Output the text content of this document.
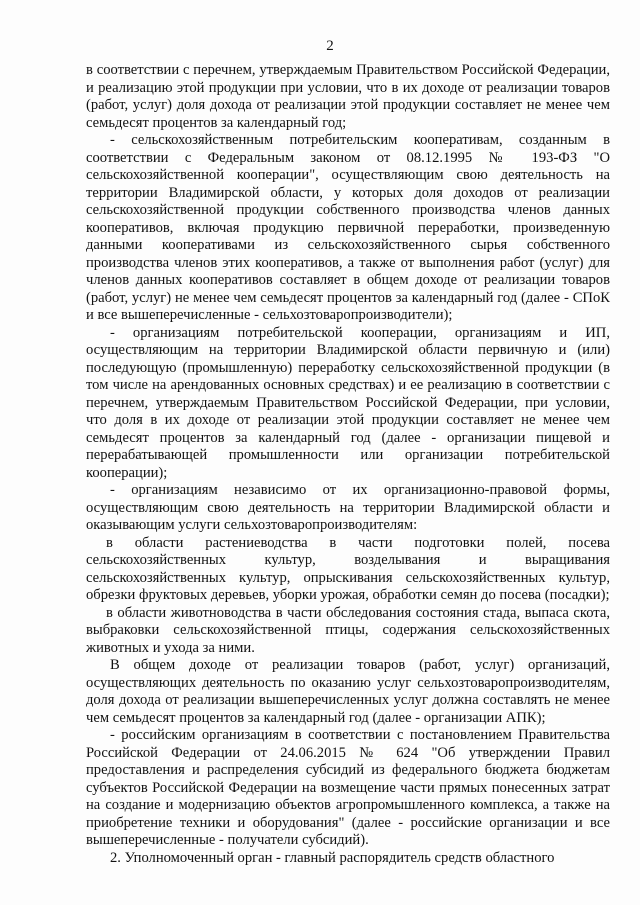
2

в соответствии с перечнем, утверждаемым Правительством Российской Федерации, и реализацию этой продукции при условии, что в их доходе от реализации товаров (работ, услуг) доля дохода от реализации этой продукции составляет не менее чем семьдесят процентов за календарный год;

- сельскохозяйственным потребительским кооперативам, созданным в соответствии с Федеральным законом от 08.12.1995 № 193-ФЗ "О сельскохозяйственной кооперации", осуществляющим свою деятельность на территории Владимирской области, у которых доля доходов от реализации сельскохозяйственной продукции собственного производства членов данных кооперативов, включая продукцию первичной переработки, произведенную данными кооперативами из сельскохозяйственного сырья собственного производства членов этих кооперативов, а также от выполнения работ (услуг) для членов данных кооперативов составляет в общем доходе от реализации товаров (работ, услуг) не менее чем семьдесят процентов за календарный год (далее - СПоК и все вышеперечисленные - сельхозтоваропроизводители);

- организациям потребительской кооперации, организациям и ИП, осуществляющим на территории Владимирской области первичную и (или) последующую (промышленную) переработку сельскохозяйственной продукции (в том числе на арендованных основных средствах) и ее реализацию в соответствии с перечнем, утверждаемым Правительством Российской Федерации, при условии, что доля в их доходе от реализации этой продукции составляет не менее чем семьдесят процентов за календарный год (далее - организации пищевой и перерабатывающей промышленности или организации потребительской кооперации);

- организациям независимо от их организационно-правовой формы, осуществляющим свою деятельность на территории Владимирской области и оказывающим услуги сельхозтоваропроизводителям:

в области растениеводства в части подготовки полей, посева сельскохозяйственных культур, возделывания и выращивания сельскохозяйственных культур, опрыскивания сельскохозяйственных культур, обрезки фруктовых деревьев, уборки урожая, обработки семян до посева (посадки);

в области животноводства в части обследования состояния стада, выпаса скота, выбраковки сельскохозяйственной птицы, содержания сельскохозяйственных животных и ухода за ними.

В общем доходе от реализации товаров (работ, услуг) организаций, осуществляющих деятельность по оказанию услуг сельхозтоваропроизводителям, доля дохода от реализации вышеперечисленных услуг должна составлять не менее чем семьдесят процентов за календарный год (далее - организации АПК);

- российским организациям в соответствии с постановлением Правительства Российской Федерации от 24.06.2015 № 624 "Об утверждении Правил предоставления и распределения субсидий из федерального бюджета бюджетам субъектов Российской Федерации на возмещение части прямых понесенных затрат на создание и модернизацию объектов агропромышленного комплекса, а также на приобретение техники и оборудования" (далее - российские организации и все вышеперечисленные - получатели субсидий).

2. Уполномоченный орган - главный распорядитель средств областного
